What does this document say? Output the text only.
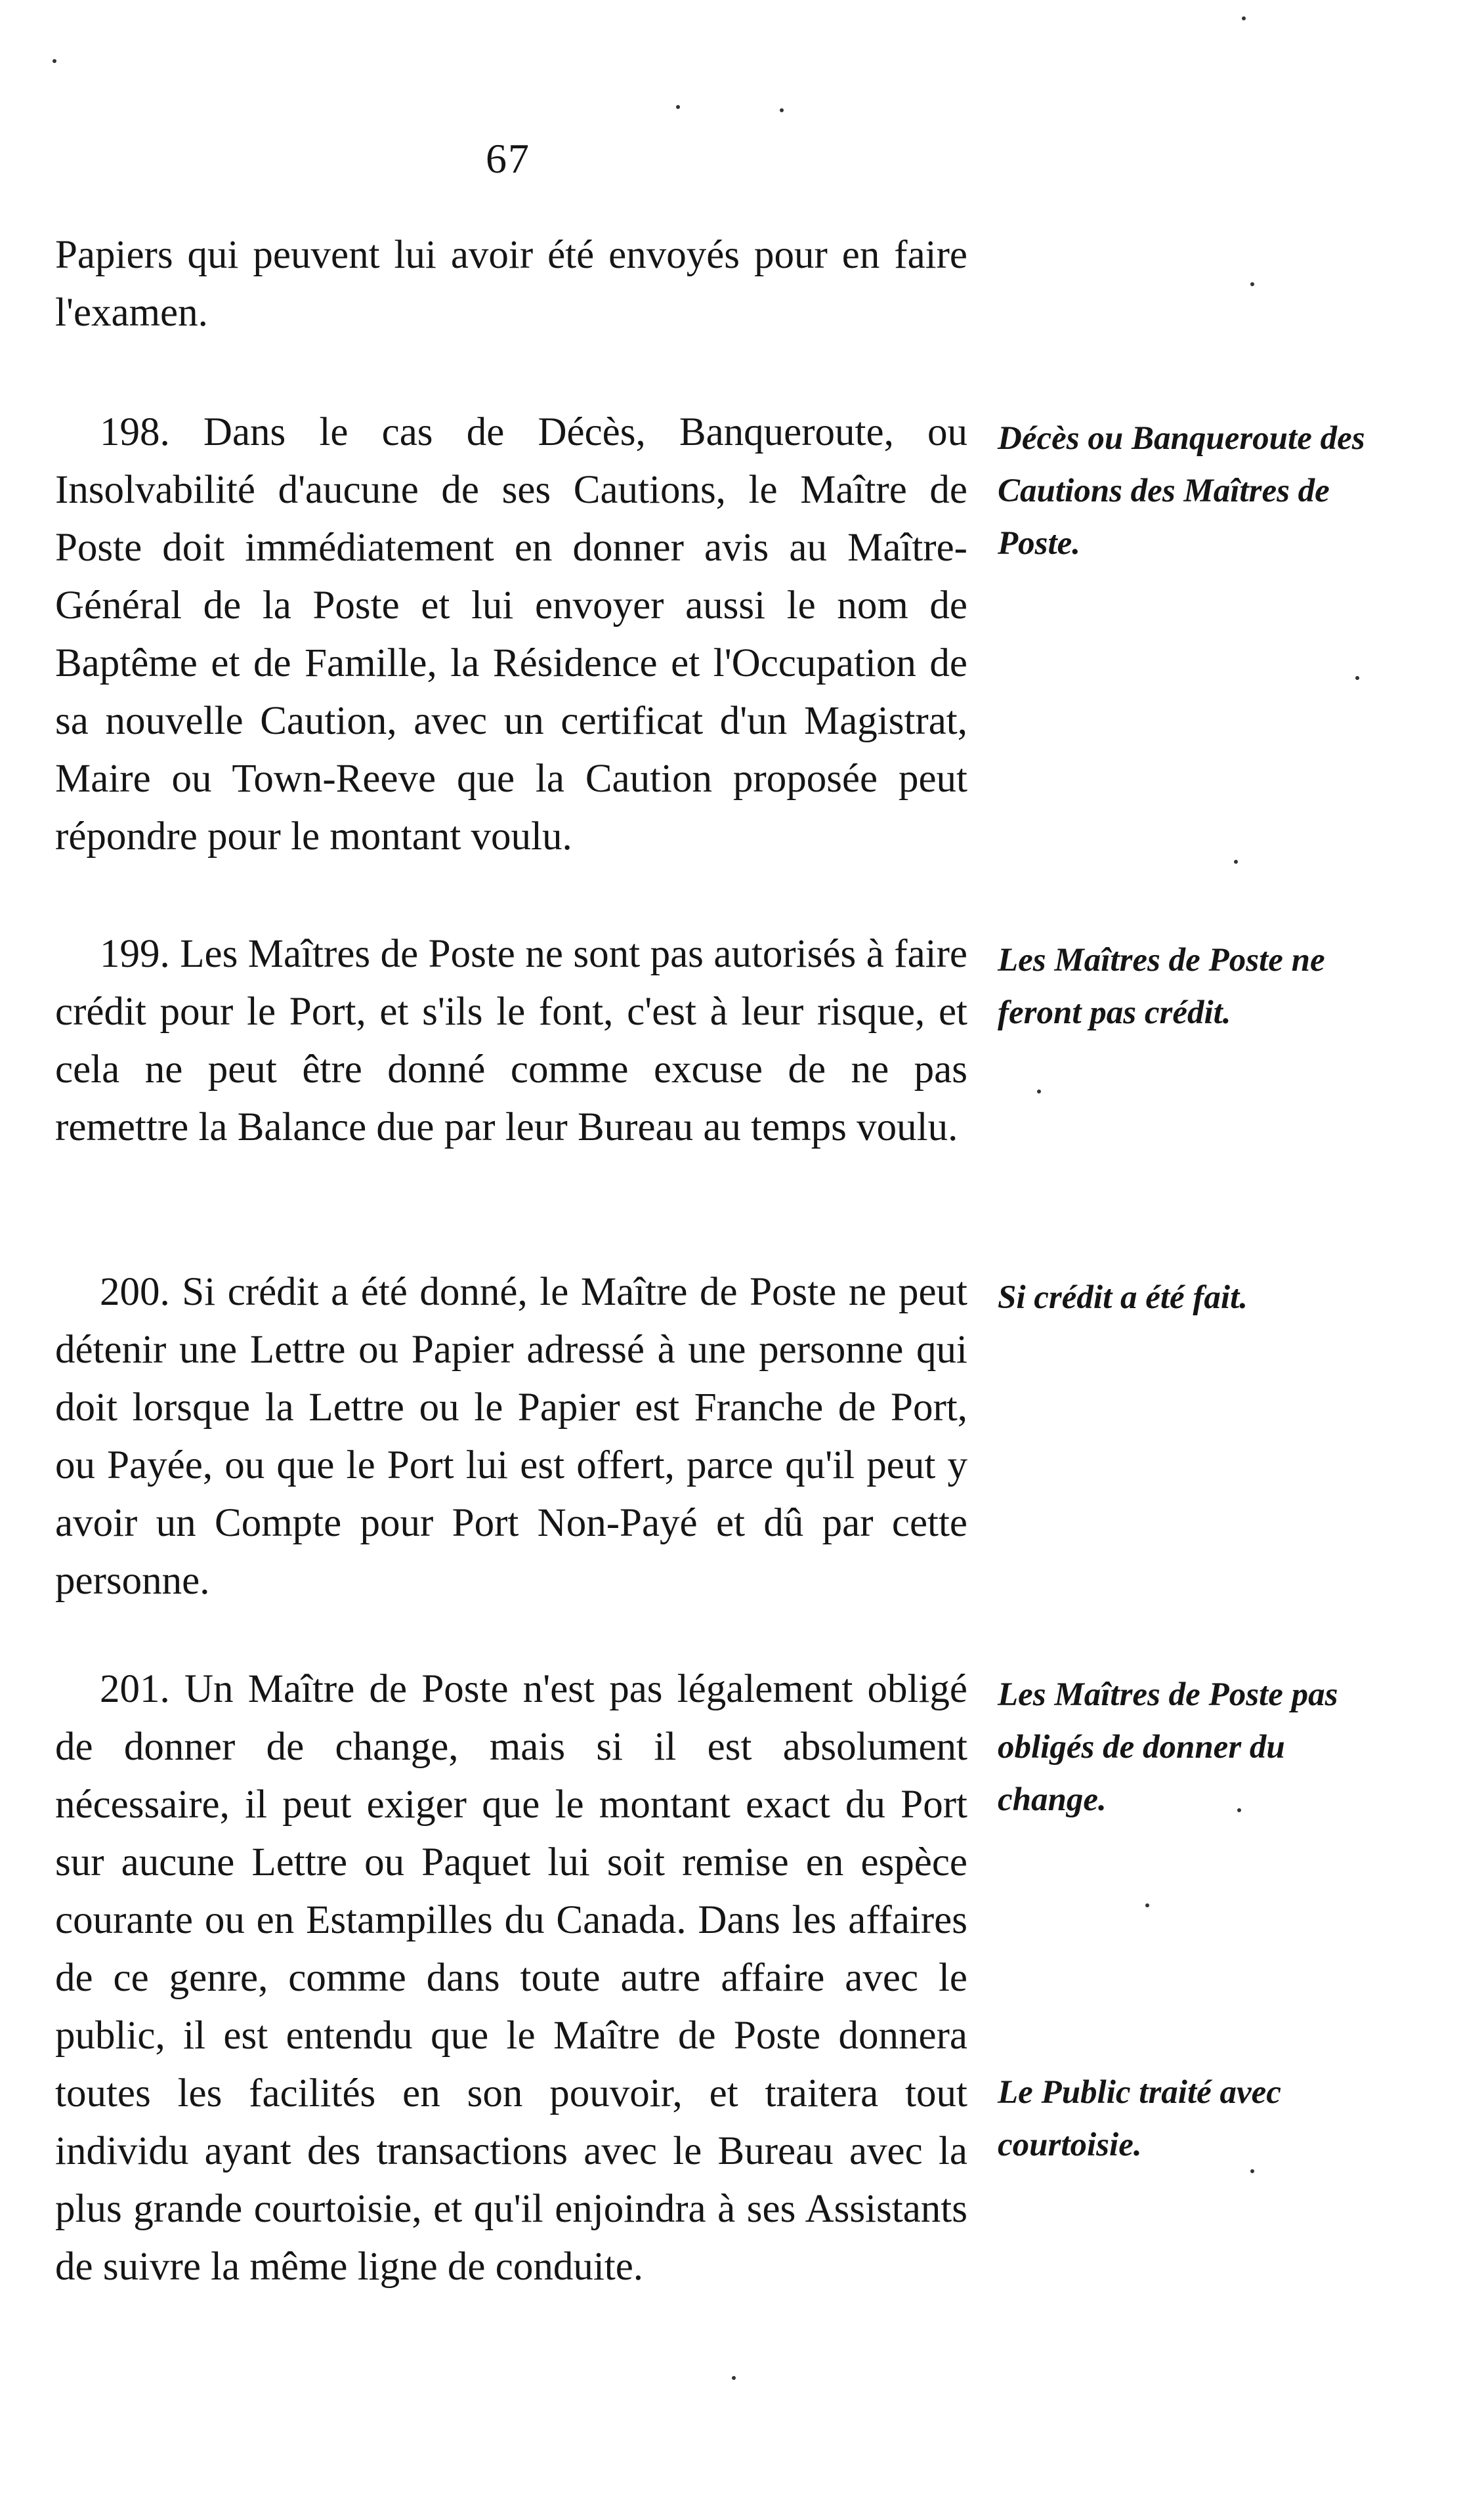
67

Papiers qui peuvent lui avoir été envoyés pour en faire l'examen.

198. Dans le cas de Décès, Banqueroute, ou Insolvabilité d'aucune de ses Cautions, le Maître de Poste doit immédiatement en donner avis au Maître-Général de la Poste et lui envoyer aussi le nom de Baptême et de Famille, la Résidence et l'Occupation de sa nouvelle Caution, avec un certificat d'un Magistrat, Maire ou Town-Reeve que la Caution proposée peut répondre pour le montant voulu.

Décès ou Banqueroute des Cautions des Maîtres de Poste.

199. Les Maîtres de Poste ne sont pas autorisés à faire crédit pour le Port, et s'ils le font, c'est à leur risque, et cela ne peut être donné comme excuse de ne pas remettre la Balance due par leur Bureau au temps voulu.

Les Maîtres de Poste ne feront pas crédit.

200. Si crédit a été donné, le Maître de Poste ne peut détenir une Lettre ou Papier adressé à une personne qui doit lorsque la Lettre ou le Papier est Franche de Port, ou Payée, ou que le Port lui est offert, parce qu'il peut y avoir un Compte pour Port Non-Payé et dû par cette personne.

Si crédit a été fait.

201. Un Maître de Poste n'est pas légalement obligé de donner de change, mais si il est absolument nécessaire, il peut exiger que le montant exact du Port sur aucune Lettre ou Paquet lui soit remise en espèce courante ou en Estampilles du Canada. Dans les affaires de ce genre, comme dans toute autre affaire avec le public, il est entendu que le Maître de Poste donnera toutes les facilités en son pouvoir, et traitera tout individu ayant des transactions avec le Bureau avec la plus grande courtoisie, et qu'il enjoindra à ses Assistants de suivre la même ligne de conduite.

Les Maîtres de Poste pas obligés de donner du change.
Le Public traité avec courtoisie.
